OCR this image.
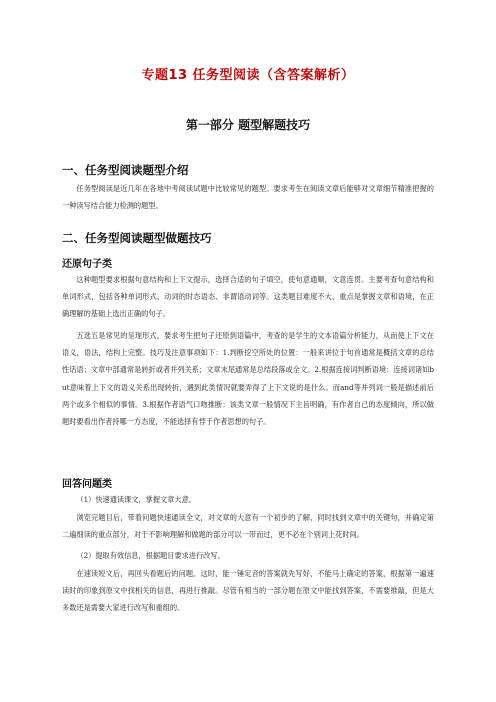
专题13 任务型阅读（含答案解析）
第一部分 题型解题技巧
一、任务型阅读题型介绍
任务型阅读是近几年在各地中考阅读试题中比较常见的题型。要求考生在阅读文章后能够对文章细节精准把握的一种读写结合能力检测的题型。
二、任务型阅读题型做题技巧
还原句子类
这种题型要求根据句意结构和上下文提示，选择合适的句子填空，使句意通顺，文意连贯。主要考查句意结构和单词形式，包括各种单词形式、动词的时态语态、非谓语动词等。这类题目难度不大，重点是掌握文章和语境，在正确理解的基础上选出正确的句子。
五选五是常见的呈现形式，要求考生把句子还原到语篇中，考查的是学生的文本语篇分析能力，从而使上下文在语义，语法，结构上完整。技巧及注意事项如下：1.判断挖空所处的位置：一般来讲位于句首通常是概括文章的总结性话语；文章中部通常是转折或者并列关系；文章末尾通常是总结段落或全文。2.根据连接词判断语境：连接词诸如but意味着上下文的语义关系出现转折，遇到此类情况就要弄得了上下文说的是什么。而and等并列词一般是描述前后两个或多个相似的事情。3.根据作者语气口吻推断：该类文章一般情况下主旨明确，有作者自己的态度倾向，所以做题时要看出作者持哪一方态度，不能选择有悖于作者思想的句子。
回答问题类
（1）快速通读课文，掌握文章大意。
浏览完题目后，带着问题快速通读全文，对文章的大意有一个初步的了解，同时找到文章中的关键句，并确定第二遍细读的重点部分，对于不影响理解和做题的部分可以一带而过，更不必在个别词上花时间。
（2）提取有效信息，根据题目要求进行改写。
在速读短文后，再回头看题后的问题。这时，能一锤定音的答案就先写好，不能马上确定的答案，根据第一遍速读时的印象到原文中找相关的信息，再进行推敲。尽管有相当的一部分题在原文中能找到答案，不需要推敲，但是大多数还是需要大家进行改写和重组的。
